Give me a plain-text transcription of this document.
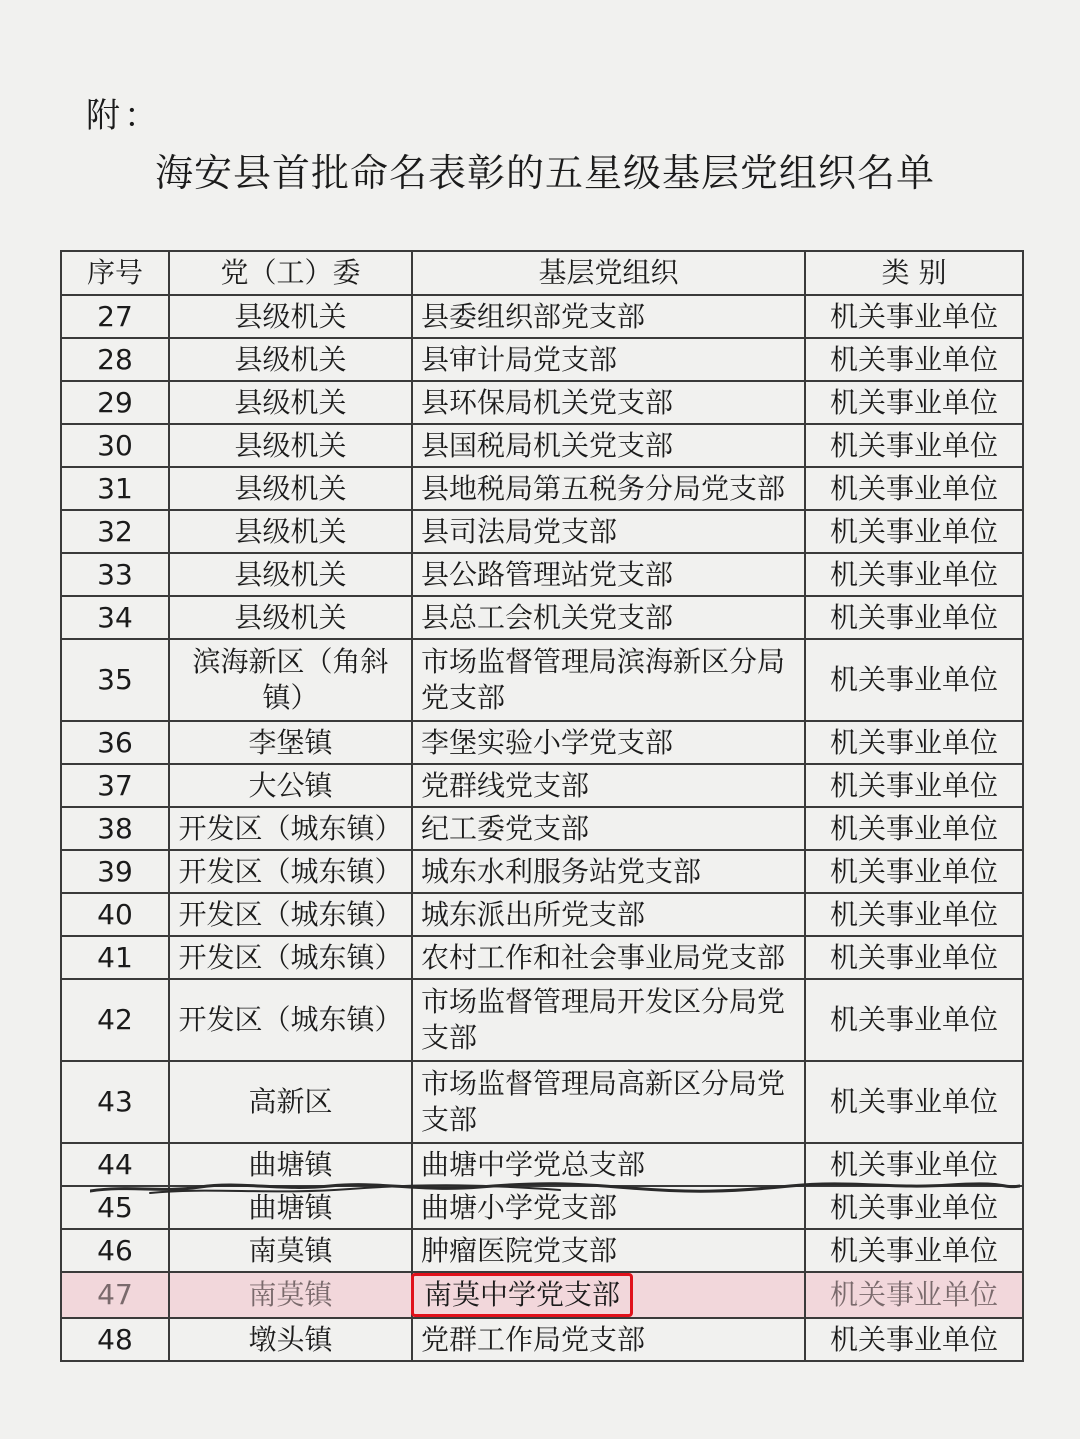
附：
海安县首批命名表彰的五星级基层党组织名单
序号	党（工）委	基层党组织	类 别
27	县级机关	县委组织部党支部	机关事业单位
28	县级机关	县审计局党支部	机关事业单位
29	县级机关	县环保局机关党支部	机关事业单位
30	县级机关	县国税局机关党支部	机关事业单位
31	县级机关	县地税局第五税务分局党支部	机关事业单位
32	县级机关	县司法局党支部	机关事业单位
33	县级机关	县公路管理站党支部	机关事业单位
34	县级机关	县总工会机关党支部	机关事业单位
35	滨海新区（角斜镇）	市场监督管理局滨海新区分局党支部	机关事业单位
36	李堡镇	李堡实验小学党支部	机关事业单位
37	大公镇	党群线党支部	机关事业单位
38	开发区（城东镇）	纪工委党支部	机关事业单位
39	开发区（城东镇）	城东水利服务站党支部	机关事业单位
40	开发区（城东镇）	城东派出所党支部	机关事业单位
41	开发区（城东镇）	农村工作和社会事业局党支部	机关事业单位
42	开发区（城东镇）	市场监督管理局开发区分局党支部	机关事业单位
43	高新区	市场监督管理局高新区分局党支部	机关事业单位
44	曲塘镇	曲塘中学党总支部	机关事业单位
45	曲塘镇	曲塘小学党支部	机关事业单位
46	南莫镇	肿瘤医院党支部	机关事业单位
47	南莫镇	南莫中学党支部	机关事业单位
48	墩头镇	党群工作局党支部	机关事业单位
